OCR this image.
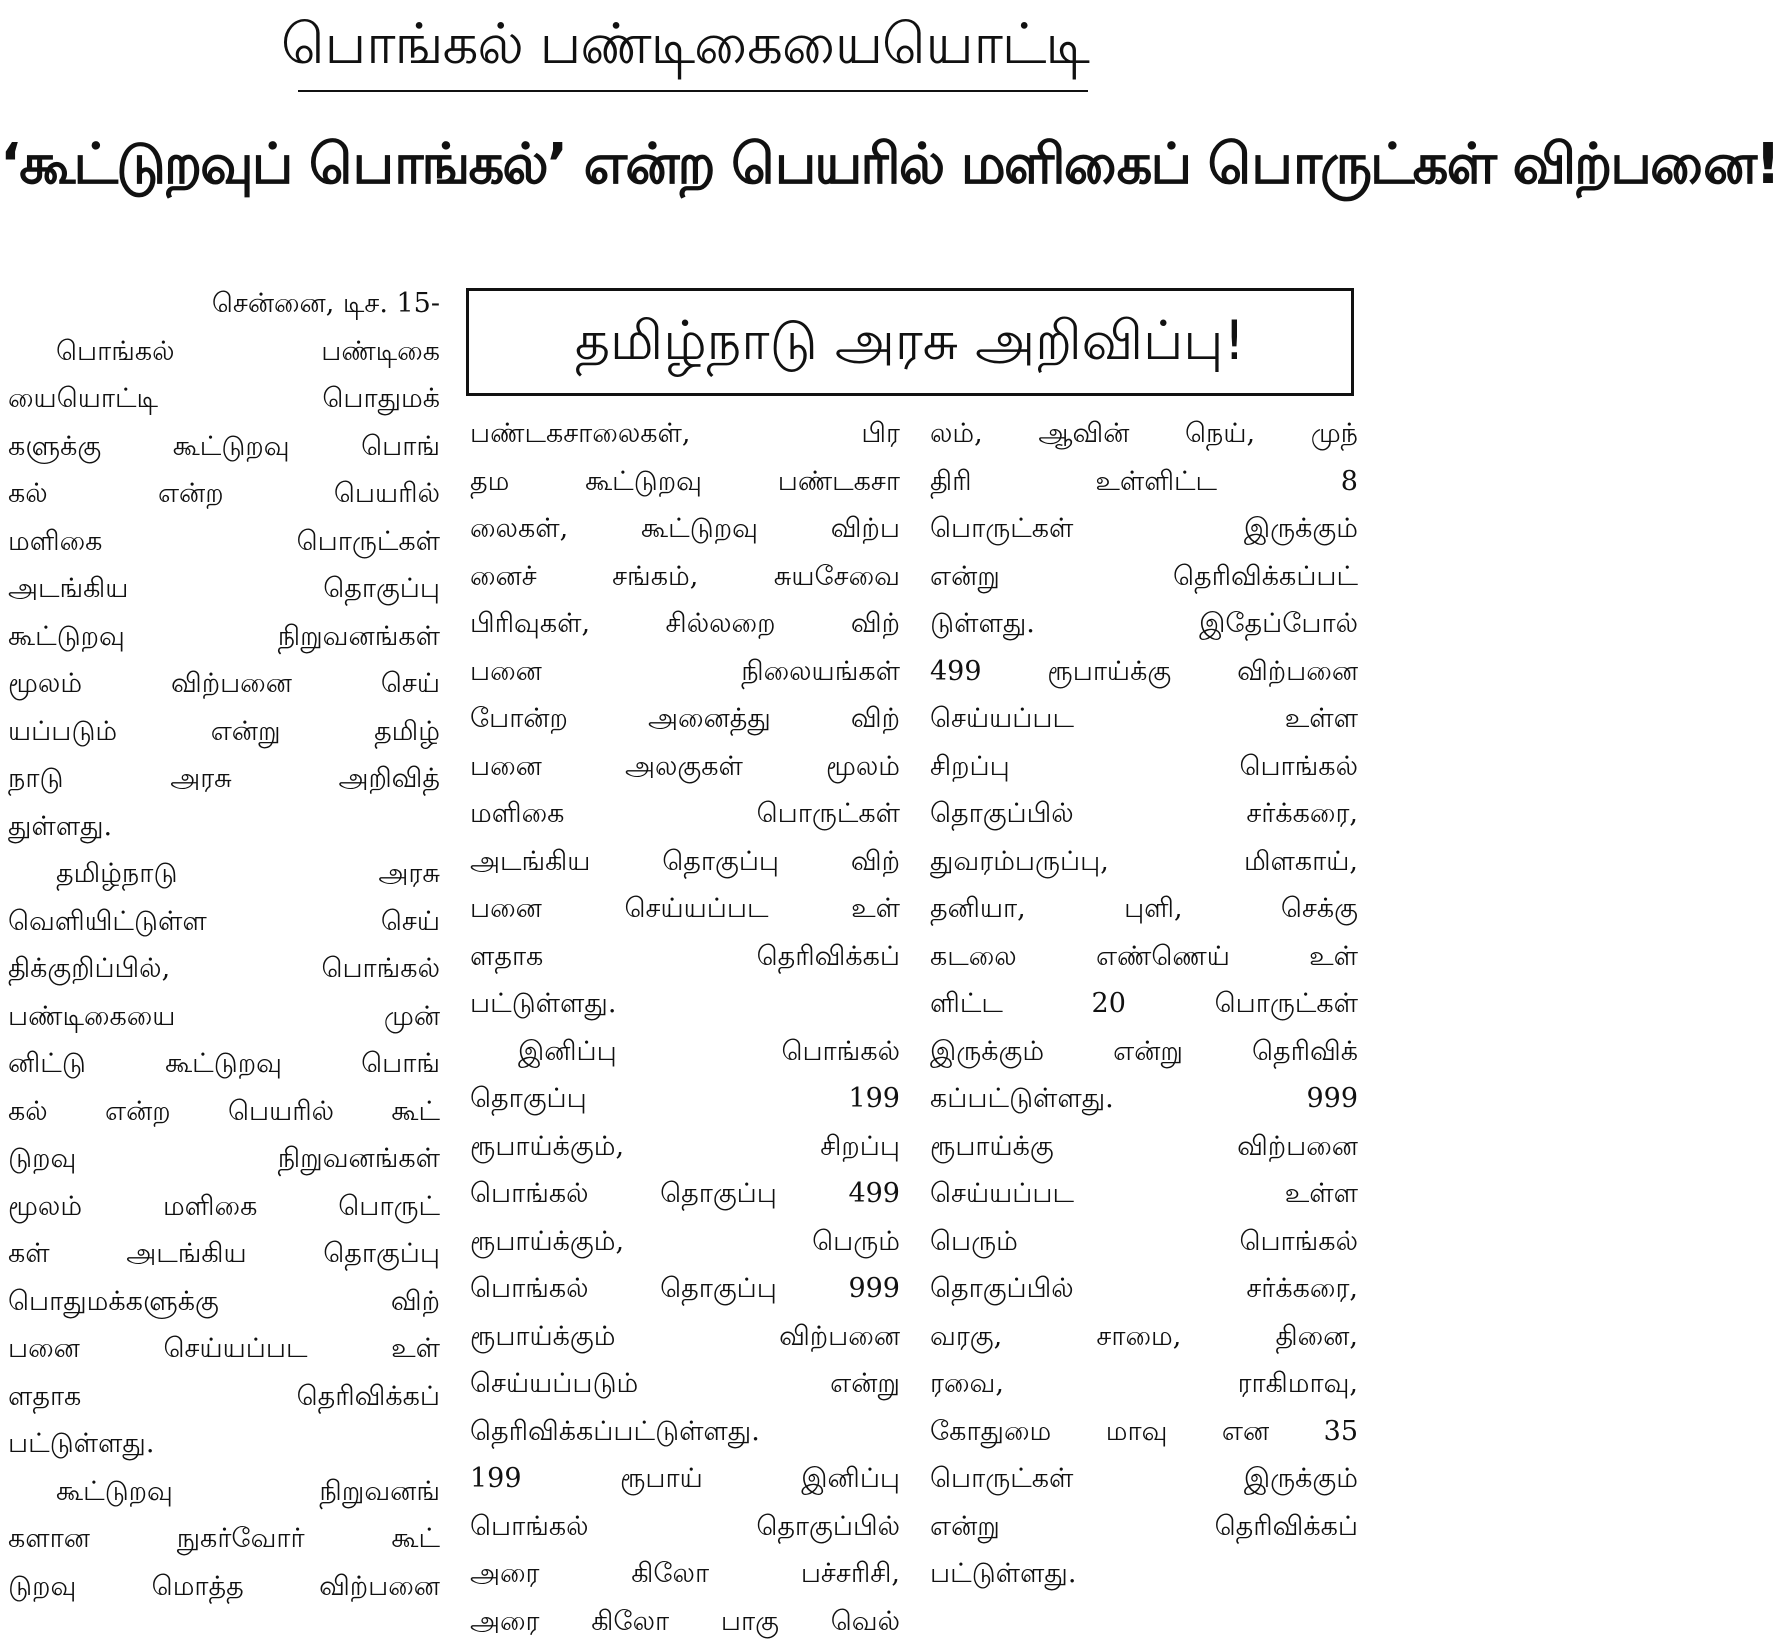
பொங்கல் பண்டிகையையொட்டி
‘கூட்டுறவுப் பொங்கல்’ என்ற பெயரில் மளிகைப் பொருட்கள் விற்பனை!
தமிழ்நாடு அரசு அறிவிப்பு!
சென்னை, டிச. 15-
பொங்கல் பண்டிகை
யையொட்டி பொதுமக்
களுக்கு கூட்டுறவு பொங்
கல் என்ற பெயரில்
மளிகை பொருட்கள்
அடங்கிய தொகுப்பு
கூட்டுறவு நிறுவனங்கள்
மூலம் விற்பனை செய்
யப்படும் என்று தமிழ்
நாடு அரசு அறிவித்
துள்ளது.
தமிழ்நாடு அரசு
வெளியிட்டுள்ள செய்
திக்குறிப்பில், பொங்கல்
பண்டிகையை முன்
னிட்டு கூட்டுறவு பொங்
கல் என்ற பெயரில் கூட்
டுறவு நிறுவனங்கள்
மூலம் மளிகை பொருட்
கள் அடங்கிய தொகுப்பு
பொதுமக்களுக்கு விற்
பனை செய்யப்பட உள்
ளதாக தெரிவிக்கப்
பட்டுள்ளது.
கூட்டுறவு நிறுவனங்
களான நுகர்வோர் கூட்
டுறவு மொத்த விற்பனை
பண்டகசாலைகள், பிர
தம கூட்டுறவு பண்டகசா
லைகள், கூட்டுறவு விற்ப
னைச் சங்கம், சுயசேவை
பிரிவுகள், சில்லறை விற்
பனை நிலையங்கள்
போன்ற அனைத்து விற்
பனை அலகுகள் மூலம்
மளிகை பொருட்கள்
அடங்கிய தொகுப்பு விற்
பனை செய்யப்பட உள்
ளதாக தெரிவிக்கப்
பட்டுள்ளது.
இனிப்பு பொங்கல்
தொகுப்பு 199
ரூபாய்க்கும், சிறப்பு
பொங்கல் தொகுப்பு 499
ரூபாய்க்கும், பெரும்
பொங்கல் தொகுப்பு 999
ரூபாய்க்கும் விற்பனை
செய்யப்படும் என்று
தெரிவிக்கப்பட்டுள்ளது.
199 ரூபாய் இனிப்பு
பொங்கல் தொகுப்பில்
அரை கிலோ பச்சரிசி,
அரை கிலோ பாகு வெல்
லம், ஆவின் நெய், முந்
திரி உள்ளிட்ட 8
பொருட்கள் இருக்கும்
என்று தெரிவிக்கப்பட்
டுள்ளது. இதேப்போல்
499 ரூபாய்க்கு விற்பனை
செய்யப்பட உள்ள
சிறப்பு பொங்கல்
தொகுப்பில் சர்க்கரை,
துவரம்பருப்பு, மிளகாய்,
தனியா, புளி, செக்கு
கடலை எண்ணெய் உள்
ளிட்ட 20 பொருட்கள்
இருக்கும் என்று தெரிவிக்
கப்பட்டுள்ளது. 999
ரூபாய்க்கு விற்பனை
செய்யப்பட உள்ள
பெரும் பொங்கல்
தொகுப்பில் சர்க்கரை,
வரகு, சாமை, தினை,
ரவை, ராகிமாவு,
கோதுமை மாவு என 35
பொருட்கள் இருக்கும்
என்று தெரிவிக்கப்
பட்டுள்ளது.
